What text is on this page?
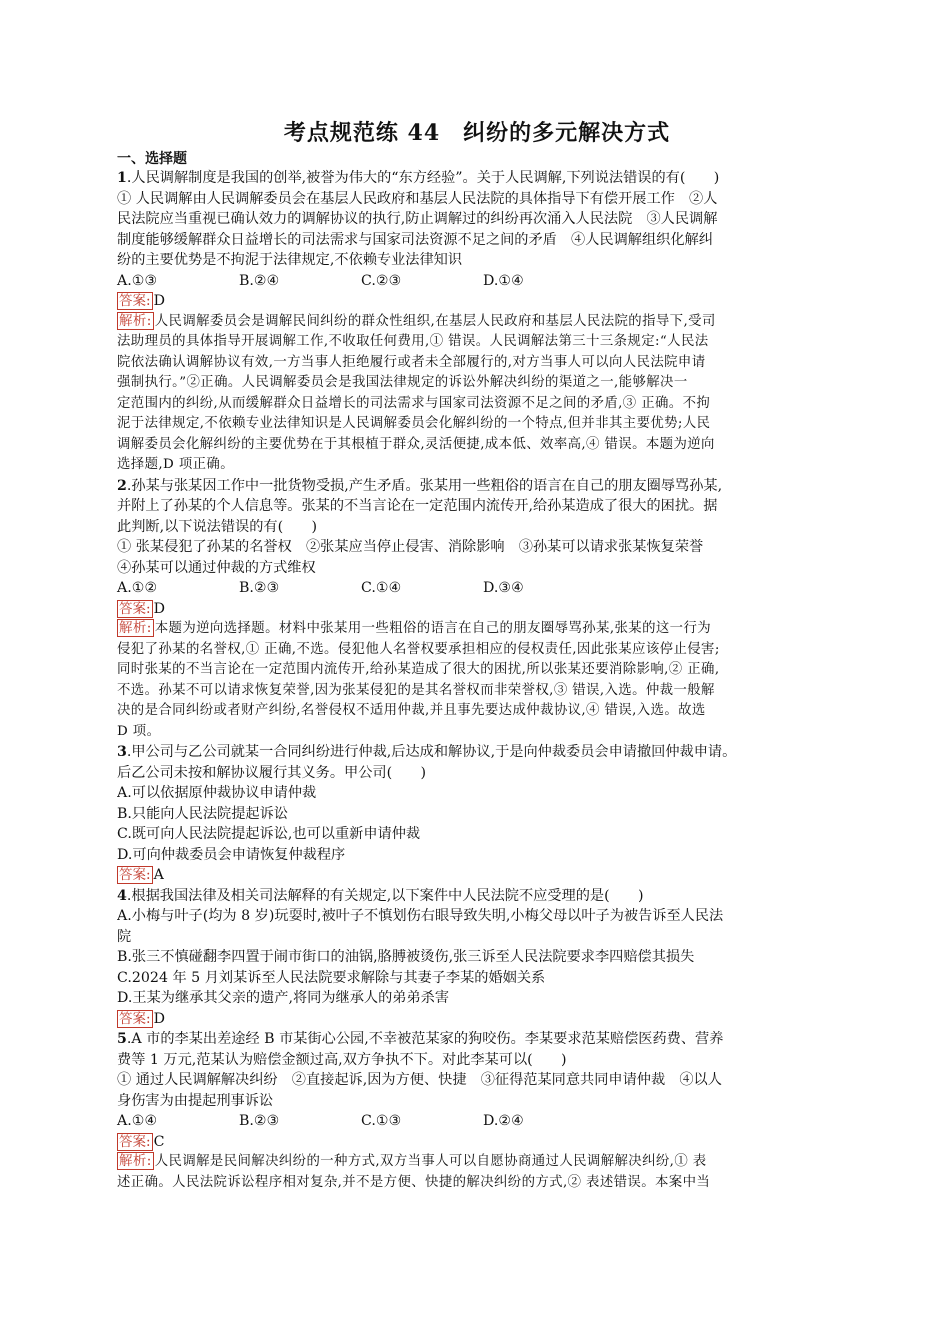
考点规范练 44　纠纷的多元解决方式
一、选择题
1.人民调解制度是我国的创举,被誉为伟大的“东方经验”。关于人民调解,下列说法错误的有(　　)
① 人民调解由人民调解委员会在基层人民政府和基层人民法院的具体指导下有偿开展工作　②人
民法院应当重视已确认效力的调解协议的执行,防止调解过的纠纷再次涌入人民法院　③人民调解
制度能够缓解群众日益增长的司法需求与国家司法资源不足之间的矛盾　④人民调解组织化解纠
纷的主要优势是不拘泥于法律规定,不依赖专业法律知识
A.①③	B.②④	C.②③	D.①④
答案: D
解析: 人民调解委员会是调解民间纠纷的群众性组织,在基层人民政府和基层人民法院的指导下,受司
法助理员的具体指导开展调解工作,不收取任何费用,① 错误。人民调解法第三十三条规定:“人民法
院依法确认调解协议有效,一方当事人拒绝履行或者未全部履行的,对方当事人可以向人民法院申请
强制执行。”②正确。人民调解委员会是我国法律规定的诉讼外解决纠纷的渠道之一,能够解决一
定范围内的纠纷,从而缓解群众日益增长的司法需求与国家司法资源不足之间的矛盾,③ 正确。不拘
泥于法律规定,不依赖专业法律知识是人民调解委员会化解纠纷的一个特点,但并非其主要优势;人民
调解委员会化解纠纷的主要优势在于其根植于群众,灵活便捷,成本低、效率高,④ 错误。本题为逆向
选择题,D 项正确。
2.孙某与张某因工作中一批货物受损,产生矛盾。张某用一些粗俗的语言在自己的朋友圈辱骂孙某,
并附上了孙某的个人信息等。张某的不当言论在一定范围内流传开,给孙某造成了很大的困扰。据
此判断,以下说法错误的有(　　)
① 张某侵犯了孙某的名誉权　②张某应当停止侵害、消除影响　③孙某可以请求张某恢复荣誉
④孙某可以通过仲裁的方式维权
A.①②	B.②③	C.①④	D.③④
答案: D
解析: 本题为逆向选择题。材料中张某用一些粗俗的语言在自己的朋友圈辱骂孙某,张某的这一行为
侵犯了孙某的名誉权,① 正确,不选。侵犯他人名誉权要承担相应的侵权责任,因此张某应该停止侵害;
同时张某的不当言论在一定范围内流传开,给孙某造成了很大的困扰,所以张某还要消除影响,② 正确,
不选。孙某不可以请求恢复荣誉,因为张某侵犯的是其名誉权而非荣誉权,③ 错误,入选。仲裁一般解
决的是合同纠纷或者财产纠纷,名誉侵权不适用仲裁,并且事先要达成仲裁协议,④ 错误,入选。故选
D 项。
3.甲公司与乙公司就某一合同纠纷进行仲裁,后达成和解协议,于是向仲裁委员会申请撤回仲裁申请。
后乙公司未按和解协议履行其义务。甲公司(　　)
A.可以依据原仲裁协议申请仲裁
B.只能向人民法院提起诉讼
C.既可向人民法院提起诉讼,也可以重新申请仲裁
D.可向仲裁委员会申请恢复仲裁程序
答案: A
4.根据我国法律及相关司法解释的有关规定,以下案件中人民法院不应受理的是(　　)
A.小梅与叶子(均为 8 岁)玩耍时,被叶子不慎划伤右眼导致失明,小梅父母以叶子为被告诉至人民法
院
B.张三不慎碰翻李四置于闹市街口的油锅,胳膊被烫伤,张三诉至人民法院要求李四赔偿其损失
C.2024 年 5 月刘某诉至人民法院要求解除与其妻子李某的婚姻关系
D.王某为继承其父亲的遗产,将同为继承人的弟弟杀害
答案: D
5.A 市的李某出差途经 B 市某街心公园,不幸被范某家的狗咬伤。李某要求范某赔偿医药费、营养
费等 1 万元,范某认为赔偿金额过高,双方争执不下。对此李某可以(　　)
① 通过人民调解解决纠纷　②直接起诉,因为方便、快捷　③征得范某同意共同申请仲裁　④以人
身伤害为由提起刑事诉讼
A.①④	B.②③	C.①③	D.②④
答案: C
解析: 人民调解是民间解决纠纷的一种方式,双方当事人可以自愿协商通过人民调解解决纠纷,① 表
述正确。人民法院诉讼程序相对复杂,并不是方便、快捷的解决纠纷的方式,② 表述错误。本案中当
